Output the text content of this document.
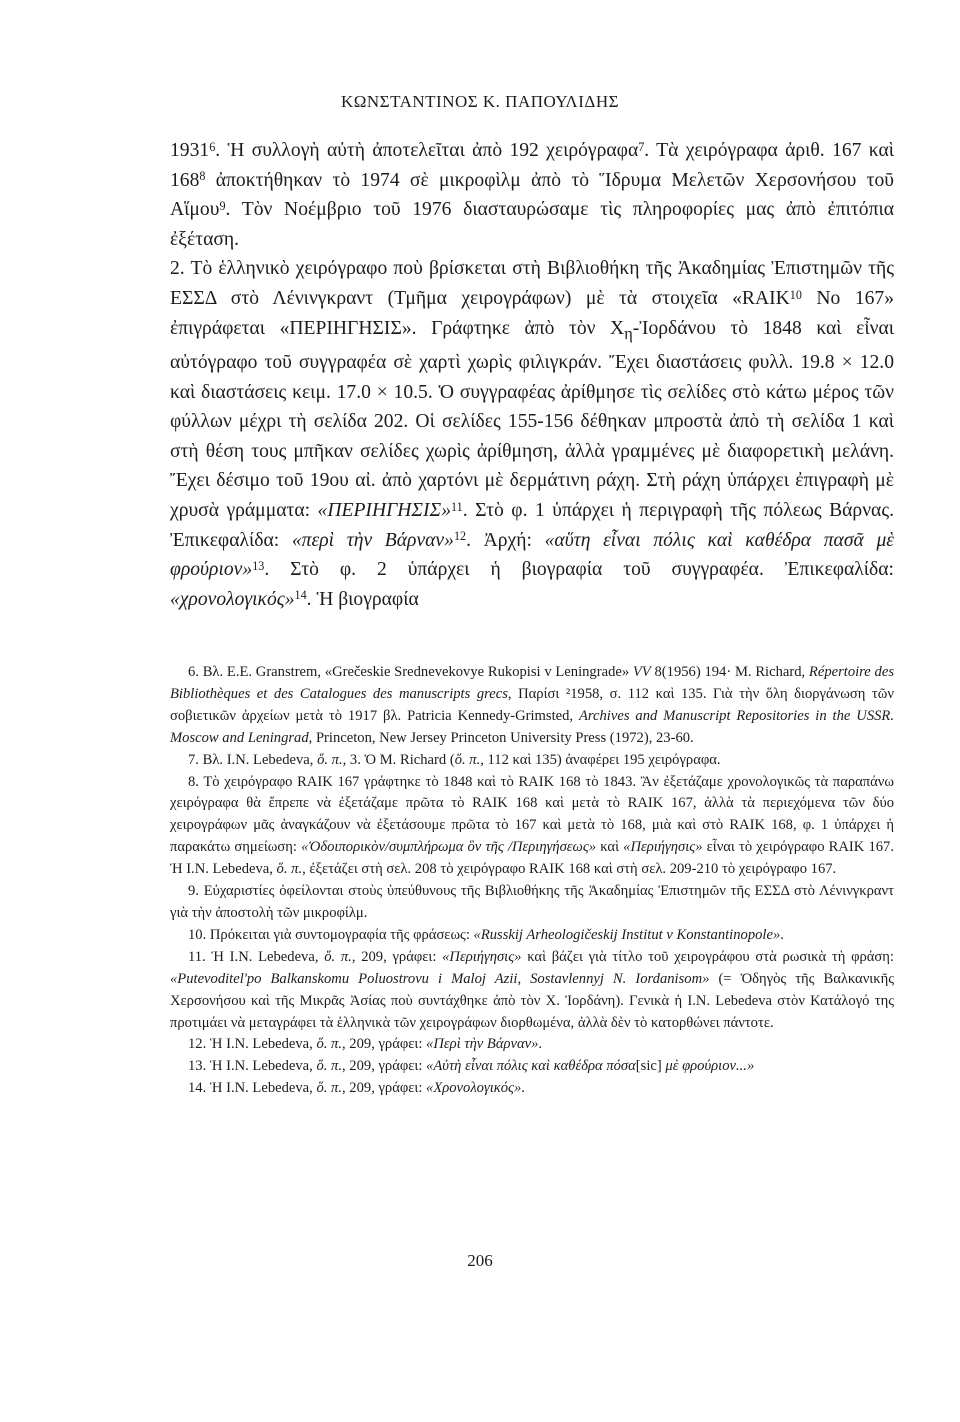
ΚΩΝΣΤΑΝΤΙΝΟΣ Κ. ΠΑΠΟΥΛΙΔΗΣ

1931$^6$. Ἡ συλλογὴ αὐτὴ ἀποτελεῖται ἀπὸ 192 χειρόγραφα$^7$. Τὰ χειρόγραφα ἀριθ. 167 καὶ $168^8$ ἀποκτήθηκαν τὸ 1974 σὲ μικροφὶλμ ἀπὸ τὸ Ἵδρυμα Μελετῶν Χερσονήσου τοῦ Αἵμου$^9$. Τὸν Νοέμβριο τοῦ 1976 διασταυρώσαμε τὶς πληροφορίες μας ἀπὸ ἐπιτόπια ἐξέταση.

2. Τὸ ἑλληνικὸ χειρόγραφο ποὺ βρίσκεται στὴ Βιβλιοθήκη τῆς Ἀκαδημίας Ἐπιστημῶν τῆς ΕΣΣΔ στὸ Λένινγκραντ (Τμῆμα χειρογράφων) μὲ τὰ στοιχεῖα «RAIK$^{10}$ No 167» ἐπιγράφεται «ΠΕΡΙΗΓΗΣΙΣ». Γράφτηκε ἀπὸ τὸν $X_\eta$-Ἰορδάνου τὸ 1848 καὶ εἶναι αὐτόγραφο τοῦ συγγραφέα σὲ χαρτὶ χωρὶς φιλιγκράν. Ἔχει διαστάσεις φυλλ. 19.8 × 12.0 καὶ διαστάσεις κειμ. 17.0 × 10.5. Ὁ συγγραφέας ἀρίθμησε τὶς σελίδες στὸ κάτω μέρος τῶν φύλλων μέχρι τὴ σελίδα 202. Οἱ σελίδες 155-156 δέθηκαν μπροστὰ ἀπὸ τὴ σελίδα 1 καὶ στὴ θέση τους μπῆκαν σελίδες χωρὶς ἀρίθμηση, ἀλλὰ γραμμένες μὲ διαφορετικὴ μελάνη. Ἔχει δέσιμο τοῦ 19ου αἰ. ἀπὸ χαρτόνι μὲ δερμάτινη ράχη. Στὴ ράχη ὑπάρχει ἐπιγραφὴ μὲ χρυσὰ γράμματα: «ΠΕΡΙΗΓΗΣΙΣ»$^{11}$. Στὸ φ. 1 ὑπάρχει ἡ περιγραφὴ τῆς πόλεως Βάρνας. Ἐπικεφαλίδα: «περὶ τὴν Βάρναν»$^{12}$. Ἀρχή: «αὕτη εἶναι πόλις καὶ καθέδρα πασᾶ μὲ φρούριον»$^{13}$. Στὸ φ. 2 ὑπάρχει ἡ βιογραφία τοῦ συγγραφέα. Ἐπικεφαλίδα: «χρονολογικός»$^{14}$. Ἡ βιογραφία

6. Βλ. E.E. Granstrem, «Grečeskie Srednevekovye Rukopisi v Leningrade» VV 8(1956) 194· M. Richard, Répertoire des Bibliothèques et des Catalogues des manuscripts grecs, Παρίσι ²1958, σ. 112 καὶ 135. Γιὰ τὴν ὅλη διοργάνωση τῶν σοβιετικῶν ἀρχείων μετὰ τὸ 1917 βλ. Patricia Kennedy-Grimsted, Archives and Manuscript Repositories in the USSR. Moscow and Leningrad, Princeton, New Jersey Princeton University Press (1972), 23-60.

7. Βλ. I.N. Lebedeva, ὅ. π., 3. Ὁ M. Richard (ὅ. π., 112 καὶ 135) ἀναφέρει 195 χειρόγραφα.

8. Τὸ χειρόγραφο RAIK 167 γράφτηκε τὸ 1848 καὶ τὸ RAIK 168 τὸ 1843. Ἂν ἐξετάζαμε χρονολογικῶς τὰ παραπάνω χειρόγραφα θὰ ἔπρεπε νὰ ἐξετάζαμε πρῶτα τὸ RAIK 168 καὶ μετὰ τὸ RAIK 167, ἀλλὰ τὰ περιεχόμενα τῶν δύο χειρογράφων μᾶς ἀναγκάζουν νὰ ἐξετάσουμε πρῶτα τὸ 167 καὶ μετὰ τὸ 168, μιὰ καὶ στὸ RAIK 168, φ. 1 ὑπάρχει ἡ παρακάτω σημείωση: «Ὁδοιπορικὸν/συμπλήρωμα ὃν τῆς /Περιηγήσεως» καὶ «Περιήγησις» εἶναι τὸ χειρόγραφο RAIK 167. Ἡ I.N. Lebedeva, ὅ. π., ἐξετάζει στὴ σελ. 208 τὸ χειρόγραφο RAIK 168 καὶ στὴ σελ. 209-210 τὸ χειρόγραφο 167.

9. Εὐχαριστίες ὀφείλονται στοὺς ὑπεύθυνους τῆς Βιβλιοθήκης τῆς Ἀκαδημίας Ἐπιστημῶν τῆς ΕΣΣΔ στὸ Λένινγκραντ γιὰ τὴν ἀποστολὴ τῶν μικροφίλμ.

10. Πρόκειται γιὰ συντομογραφία τῆς φράσεως: «Russkij Arheologičeskij Institut v Konstantinopole».

11. Ἡ I.N. Lebedeva, ὅ. π., 209, γράφει: «Περιήγησις» καὶ βάζει γιὰ τίτλο τοῦ χειρογράφου στὰ ρωσικὰ τὴ φράση: «Putevoditel'po Balkanskomu Poluostrovu i Maloj Azii, Sostavlennyj N. Iordanisom» (= Ὁδηγὸς τῆς Βαλκανικῆς Χερσονήσου καὶ τῆς Μικρᾶς Ἀσίας ποὺ συντάχθηκε ἀπὸ τὸν Χ. Ἰορδάνη). Γενικὰ ἡ I.N. Lebedeva στὸν Κατάλογό της προτιμάει νὰ μεταγράφει τὰ ἑλληνικὰ τῶν χειρογράφων διορθωμένα, ἀλλὰ δὲν τὸ κατορθώνει πάντοτε.

12. Ἡ I.N. Lebedeva, ὅ. π., 209, γράφει: «Περὶ τὴν Βάρναν».

13. Ἡ I.N. Lebedeva, ὅ. π., 209, γράφει: «Αὐτὴ εἶναι πόλις καὶ καθέδρα πόσα[sic] μὲ φρούριον...»

14. Ἡ I.N. Lebedeva, ὅ. π., 209, γράφει: «Χρονολογικός».

206
